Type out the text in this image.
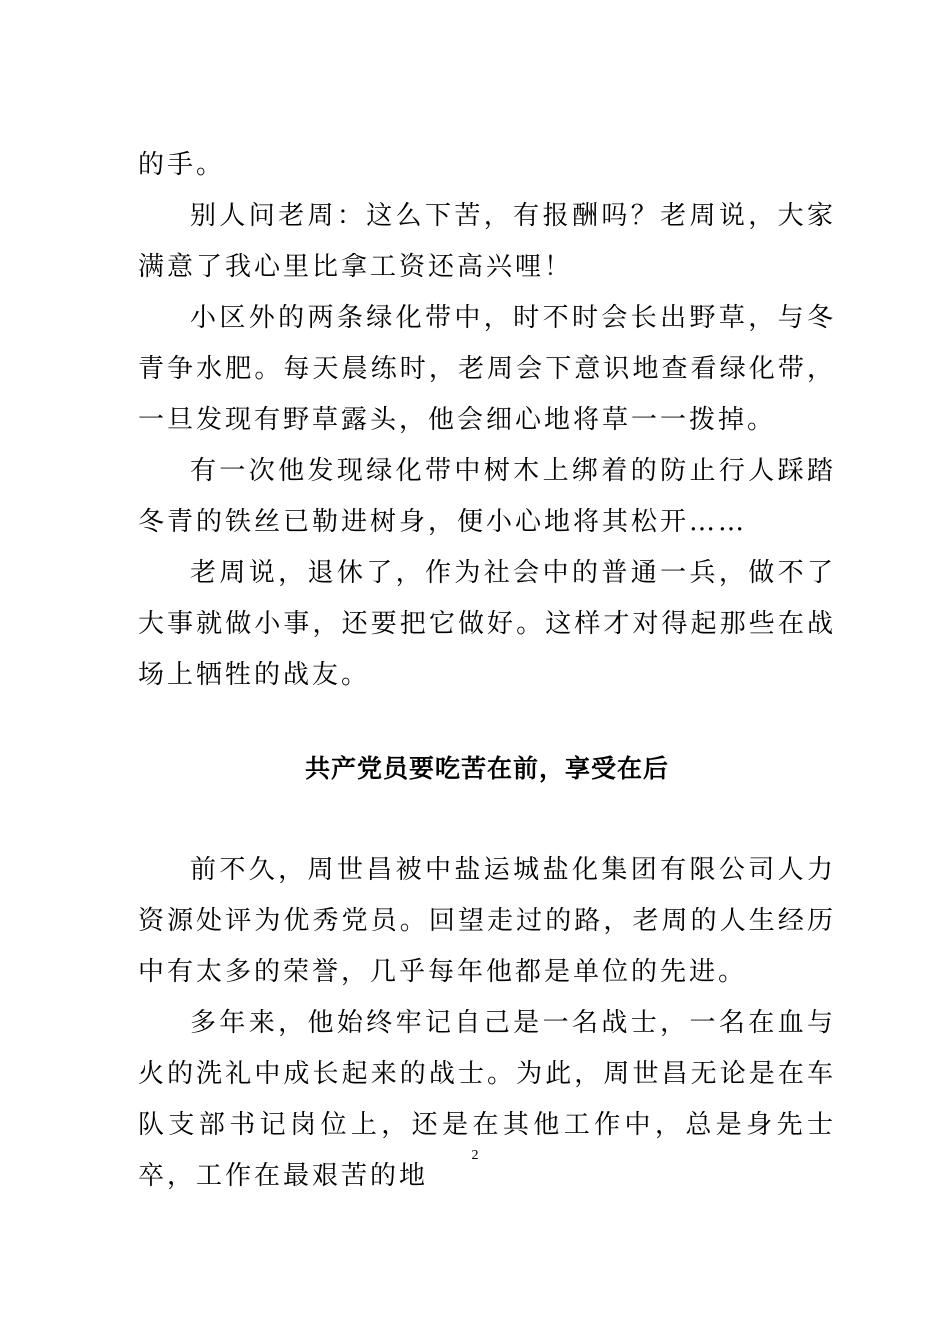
的手。

别人问老周：这么下苦，有报酬吗？老周说，大家满意了我心里比拿工资还高兴哩！

小区外的两条绿化带中，时不时会长出野草，与冬青争水肥。每天晨练时，老周会下意识地查看绿化带，一旦发现有野草露头，他会细心地将草一一拨掉。

有一次他发现绿化带中树木上绑着的防止行人踩踏冬青的铁丝已勒进树身，便小心地将其松开……

老周说，退休了，作为社会中的普通一兵，做不了大事就做小事，还要把它做好。这样才对得起那些在战场上牺牲的战友。

共产党员要吃苦在前，享受在后

前不久，周世昌被中盐运城盐化集团有限公司人力资源处评为优秀党员。回望走过的路，老周的人生经历中有太多的荣誉，几乎每年他都是单位的先进。

多年来，他始终牢记自己是一名战士，一名在血与火的洗礼中成长起来的战士。为此，周世昌无论是在车队支部书记岗位上，还是在其他工作中，总是身先士卒，工作在最艰苦的地

2
